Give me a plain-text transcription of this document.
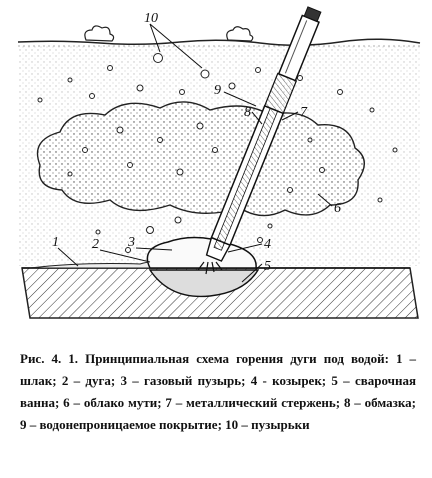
10
1 2 3	4
5
6
7
8
9
Рис. 4. 1. Принципиальная схема горения дуги под водой: 1 – шлак; 2 – дуга; 3 – газовый пузырь; 4 - козырек; 5 – сварочная ванна; 6 – облако мути; 7 – металлический стержень; 8 – обмазка; 9 – водонепроницаемое покрытие; 10 – пузырьки
